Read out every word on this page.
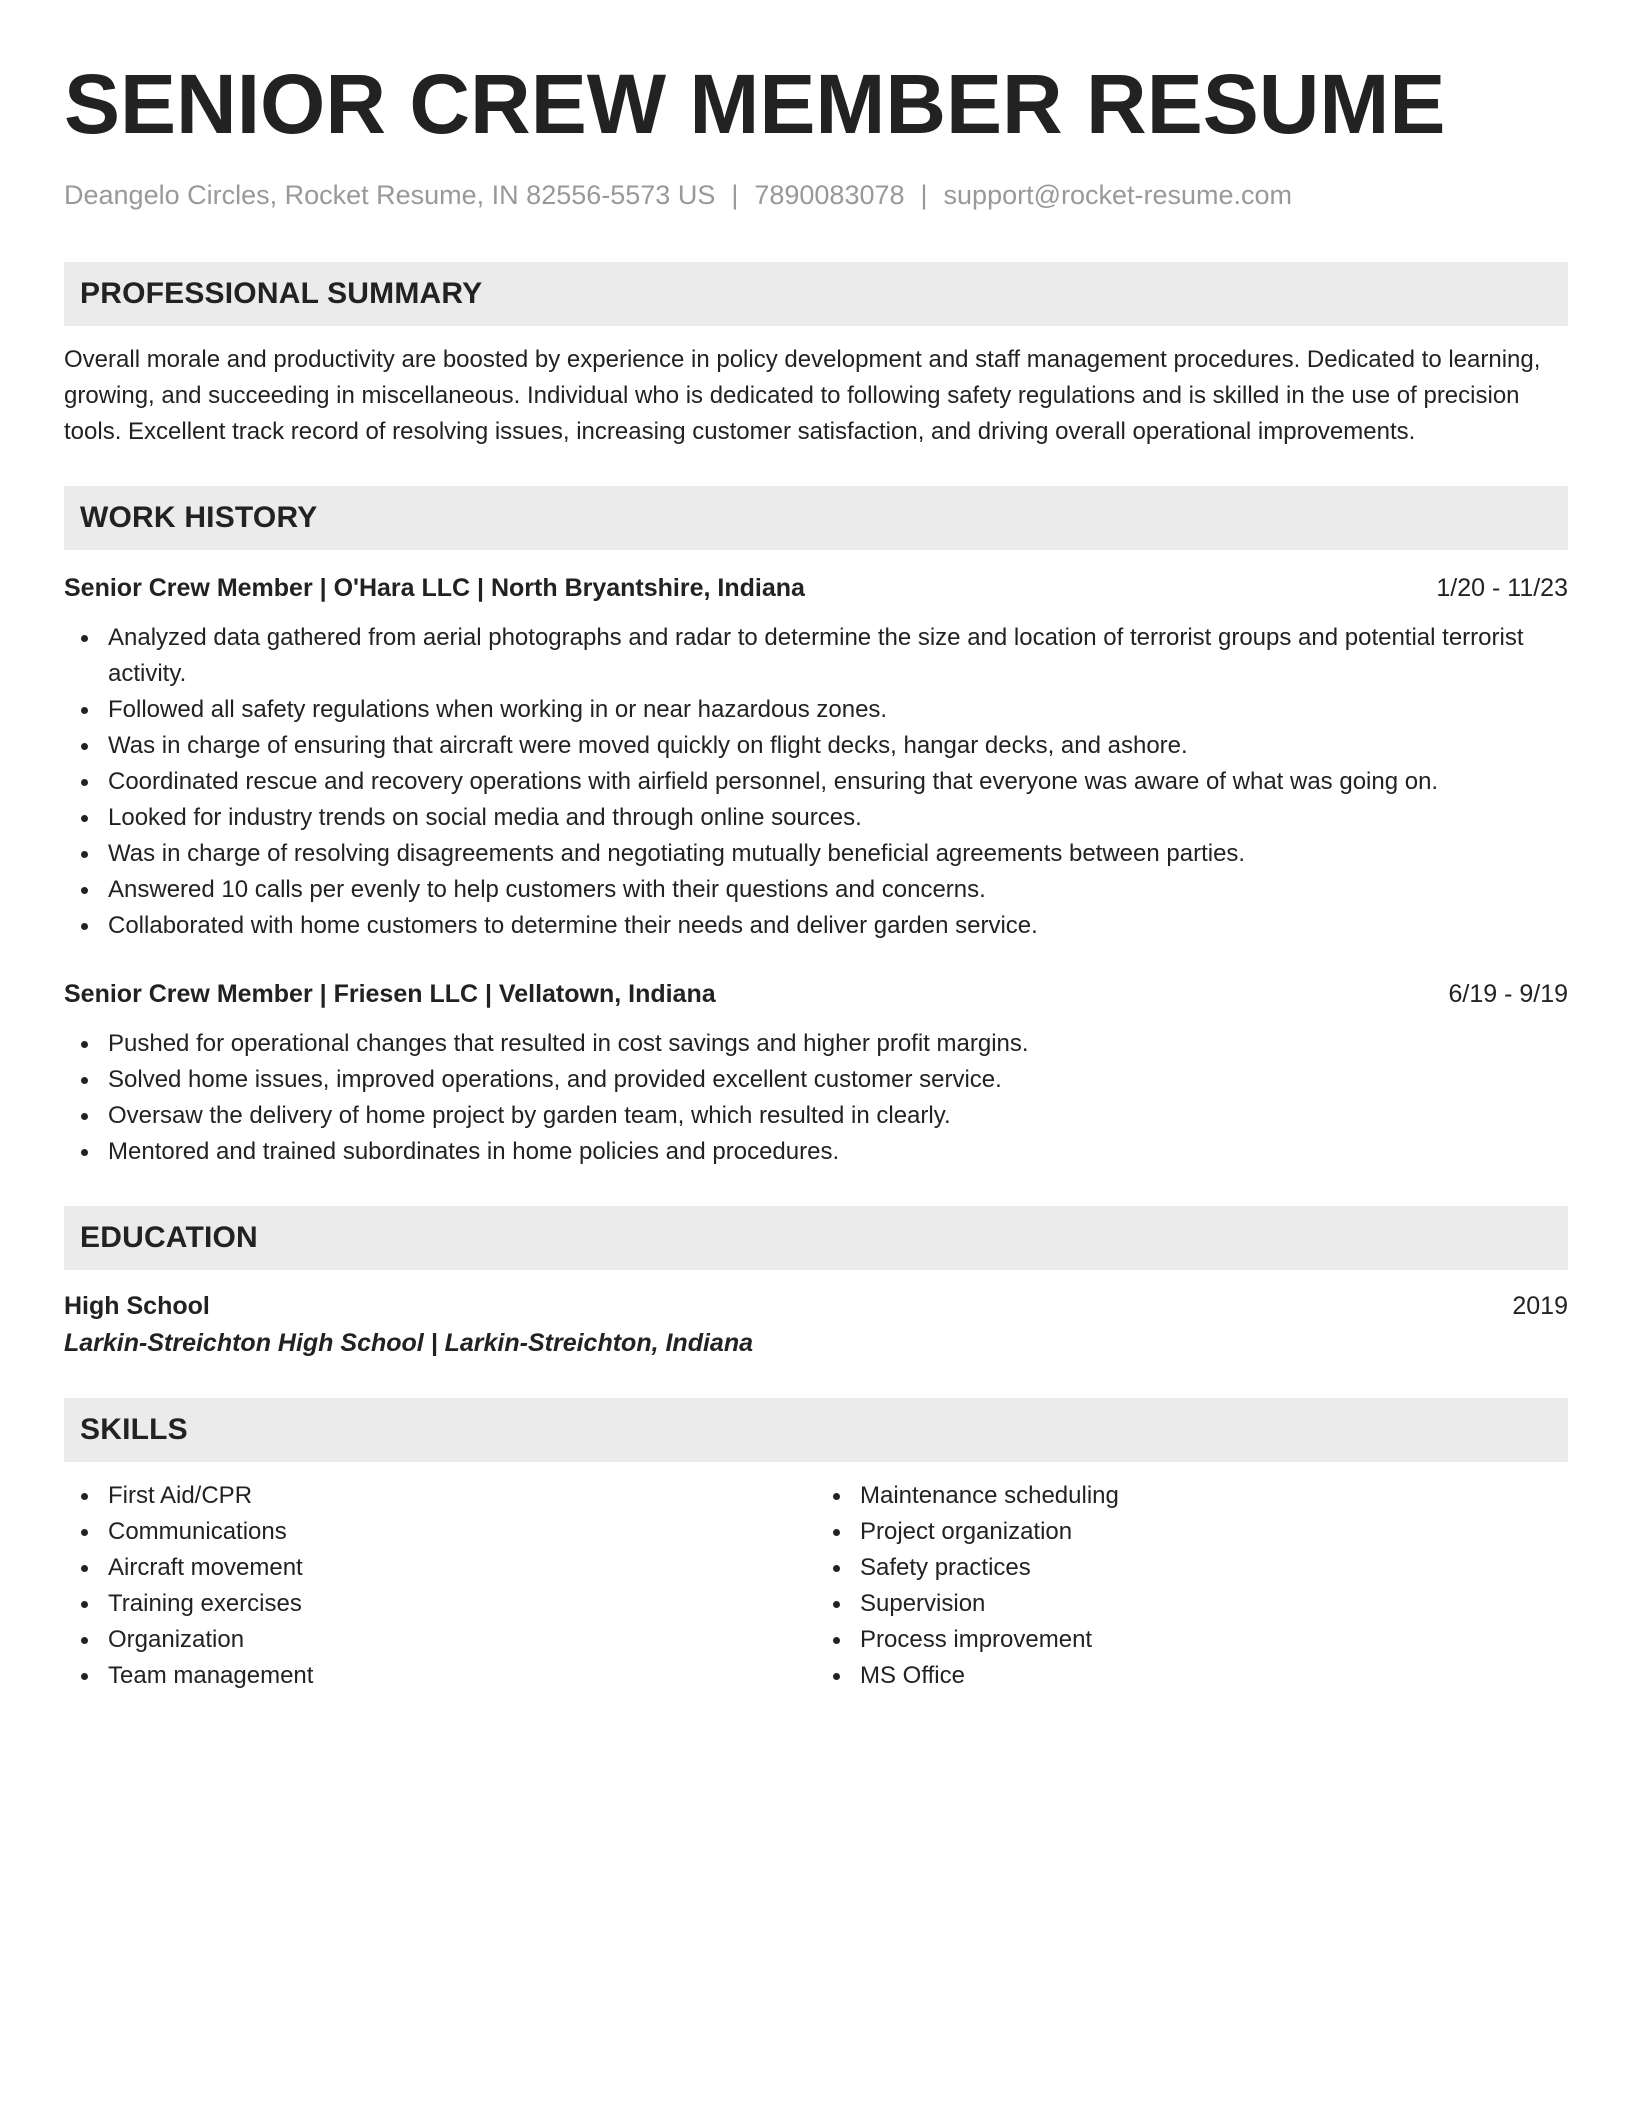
SENIOR CREW MEMBER RESUME
Deangelo Circles, Rocket Resume, IN 82556-5573 US | 7890083078 | support@rocket-resume.com
PROFESSIONAL SUMMARY
Overall morale and productivity are boosted by experience in policy development and staff management procedures. Dedicated to learning, growing, and succeeding in miscellaneous. Individual who is dedicated to following safety regulations and is skilled in the use of precision tools. Excellent track record of resolving issues, increasing customer satisfaction, and driving overall operational improvements.
WORK HISTORY
Senior Crew Member | O'Hara LLC | North Bryantshire, Indiana	1/20 - 11/23
Analyzed data gathered from aerial photographs and radar to determine the size and location of terrorist groups and potential terrorist activity.
Followed all safety regulations when working in or near hazardous zones.
Was in charge of ensuring that aircraft were moved quickly on flight decks, hangar decks, and ashore.
Coordinated rescue and recovery operations with airfield personnel, ensuring that everyone was aware of what was going on.
Looked for industry trends on social media and through online sources.
Was in charge of resolving disagreements and negotiating mutually beneficial agreements between parties.
Answered 10 calls per evenly to help customers with their questions and concerns.
Collaborated with home customers to determine their needs and deliver garden service.
Senior Crew Member | Friesen LLC | Vellatown, Indiana	6/19 - 9/19
Pushed for operational changes that resulted in cost savings and higher profit margins.
Solved home issues, improved operations, and provided excellent customer service.
Oversaw the delivery of home project by garden team, which resulted in clearly.
Mentored and trained subordinates in home policies and procedures.
EDUCATION
High School	2019
Larkin-Streichton High School | Larkin-Streichton, Indiana
SKILLS
First Aid/CPR
Communications
Aircraft movement
Training exercises
Organization
Team management
Maintenance scheduling
Project organization
Safety practices
Supervision
Process improvement
MS Office
